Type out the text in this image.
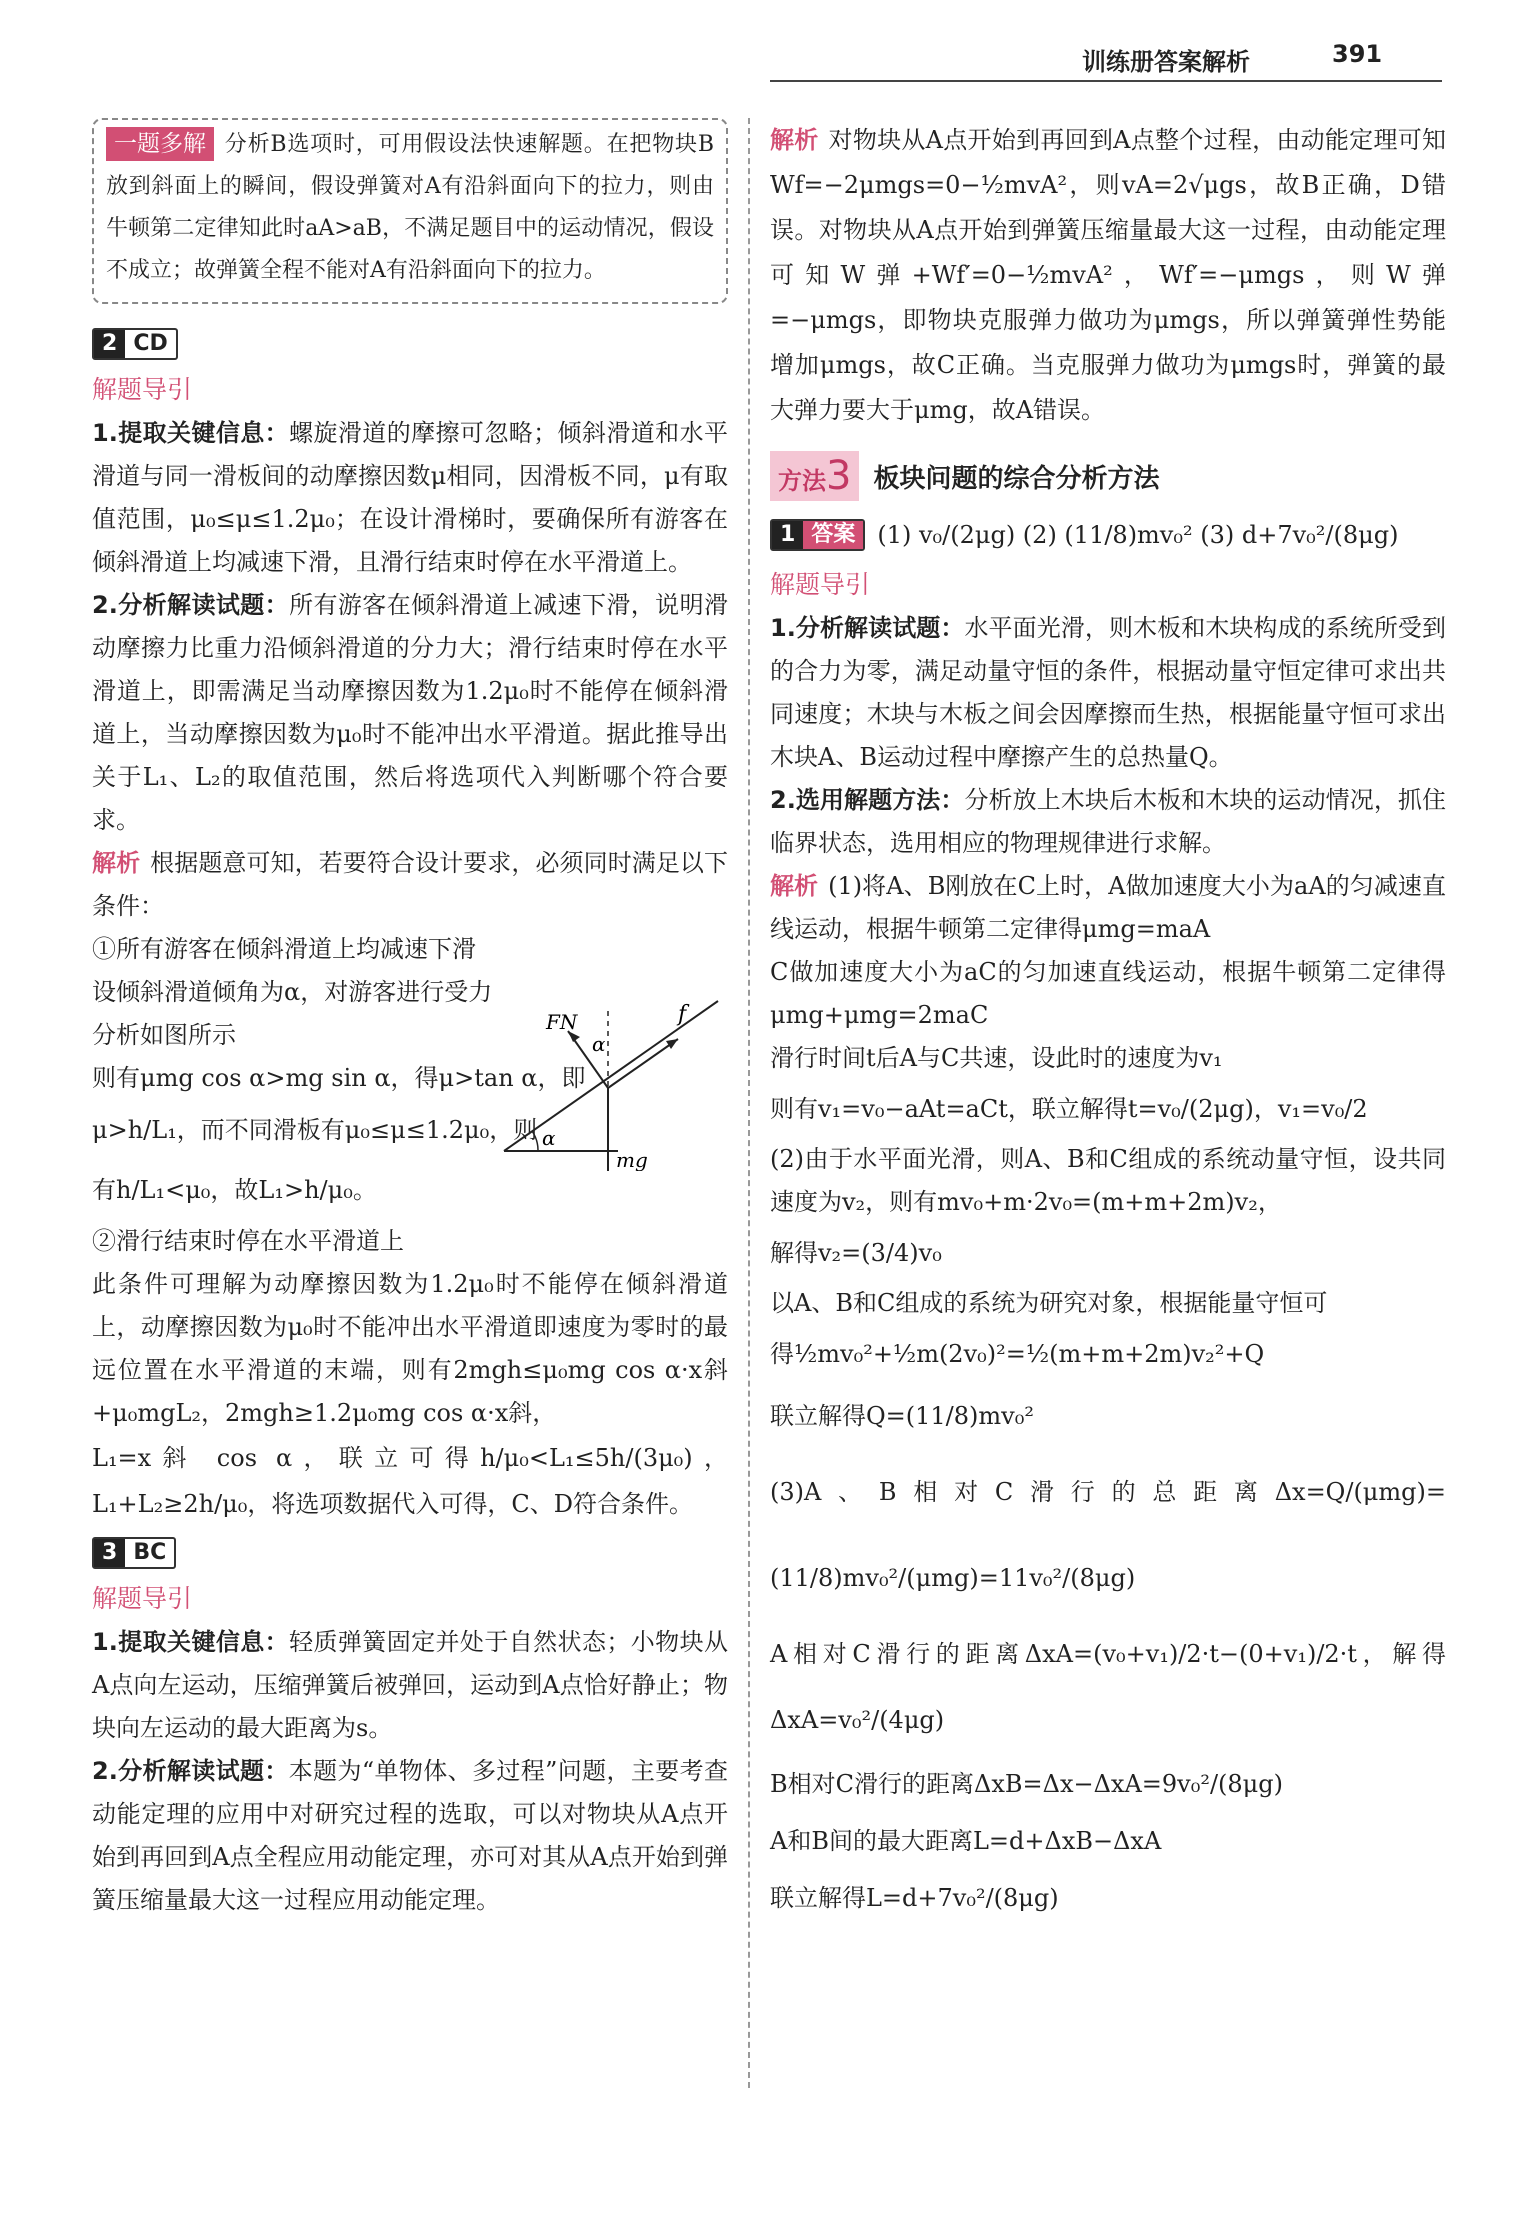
训练册答案解析	391

一题多解 分析B选项时，可用假设法快速解题。在把物块B放到斜面上的瞬间，假设弹簧对A有沿斜面向下的拉力，则由牛顿第二定律知此时aA>aB，不满足题目中的运动情况，假设不成立；故弹簧全程不能对A有沿斜面向下的拉力。

2 CD
解题导引

1.提取关键信息：螺旋滑道的摩擦可忽略；倾斜滑道和水平滑道与同一滑板间的动摩擦因数μ相同，因滑板不同，μ有取值范围，μ₀≤μ≤1.2μ₀；在设计滑梯时，要确保所有游客在倾斜滑道上均减速下滑，且滑行结束时停在水平滑道上。

2.分析解读试题：所有游客在倾斜滑道上减速下滑，说明滑动摩擦力比重力沿倾斜滑道的分力大；滑行结束时停在水平滑道上，即需满足当动摩擦因数为1.2μ₀时不能停在倾斜滑道上，当动摩擦因数为μ₀时不能冲出水平滑道。据此推导出关于L₁、L₂的取值范围，然后将选项代入判断哪个符合要求。

解析 根据题意可知，若要符合设计要求，必须同时满足以下条件：

①所有游客在倾斜滑道上均减速下滑

FN	f
α
α
mg

设倾斜滑道倾角为α，对游客进行受力

分析如图所示

则有μmg cos α>mg sin α，得μ>tan α，即

μ>h/L₁，而不同滑板有μ₀≤μ≤1.2μ₀，则

有h/L₁<μ₀，故L₁>h/μ₀。

②滑行结束时停在水平滑道上

此条件可理解为动摩擦因数为1.2μ₀时不能停在倾斜滑道上，动摩擦因数为μ₀时不能冲出水平滑道即速度为零时的最远位置在水平滑道的末端，则有2mgh≤μ₀mg cos α·x斜+μ₀mgL₂，2mgh≥1.2μ₀mg cos α·x斜，

L₁=x斜 cos α，联立可得h/μ₀<L₁≤5h/(3μ₀)，L₁+L₂≥2h/μ₀，将选项数据代入可得，C、D符合条件。

3 BC
解题导引

1.提取关键信息：轻质弹簧固定并处于自然状态；小物块从A点向左运动，压缩弹簧后被弹回，运动到A点恰好静止；物块向左运动的最大距离为s。

2.分析解读试题：本题为“单物体、多过程”问题，主要考查动能定理的应用中对研究过程的选取，可以对物块从A点开始到再回到A点全程应用动能定理，亦可对其从A点开始到弹簧压缩量最大这一过程应用动能定理。

解析 对物块从A点开始到再回到A点整个过程，由动能定理可知Wf=−2μmgs=0−½mvA²，则vA=2√μgs，故B正确，D错误。对物块从A点开始到弹簧压缩量最大这一过程，由动能定理可知W弹+Wf′=0−½mvA²，Wf′=−μmgs，则W弹=−μmgs，即物块克服弹力做功为μmgs，所以弹簧弹性势能增加μmgs，故C正确。当克服弹力做功为μmgs时，弹簧的最大弹力要大于μmg，故A错误。

方法3 板块问题的综合分析方法
1 答案 (1) v₀/(2μg) (2) (11/8)mv₀² (3) d+7v₀²/(8μg)
解题导引

1.分析解读试题：水平面光滑，则木板和木块构成的系统所受到的合力为零，满足动量守恒的条件，根据动量守恒定律可求出共同速度；木块与木板之间会因摩擦而生热，根据能量守恒可求出木块A、B运动过程中摩擦产生的总热量Q。

2.选用解题方法：分析放上木块后木板和木块的运动情况，抓住临界状态，选用相应的物理规律进行求解。

解析 (1)将A、B刚放在C上时，A做加速度大小为aA的匀减速直线运动，根据牛顿第二定律得μmg=maA

C做加速度大小为aC的匀加速直线运动，根据牛顿第二定律得μmg+μmg=2maC

滑行时间t后A与C共速，设此时的速度为v₁

则有v₁=v₀−aAt=aCt，联立解得t=v₀/(2μg)，v₁=v₀/2

(2)由于水平面光滑，则A、B和C组成的系统动量守恒，设共同速度为v₂，则有mv₀+m·2v₀=(m+m+2m)v₂，

解得v₂=(3/4)v₀

以A、B和C组成的系统为研究对象，根据能量守恒可

得½mv₀²+½m(2v₀)²=½(m+m+2m)v₂²+Q

联立解得Q=(11/8)mv₀²

(3)A、B相对C滑行的总距离Δx=Q/(μmg)=(11/8)mv₀²/(μmg)=11v₀²/(8μg)

A相对C滑行的距离ΔxA=(v₀+v₁)/2·t−(0+v₁)/2·t，解得ΔxA=v₀²/(4μg)

B相对C滑行的距离ΔxB=Δx−ΔxA=9v₀²/(8μg)

A和B间的最大距离L=d+ΔxB−ΔxA

联立解得L=d+7v₀²/(8μg)
